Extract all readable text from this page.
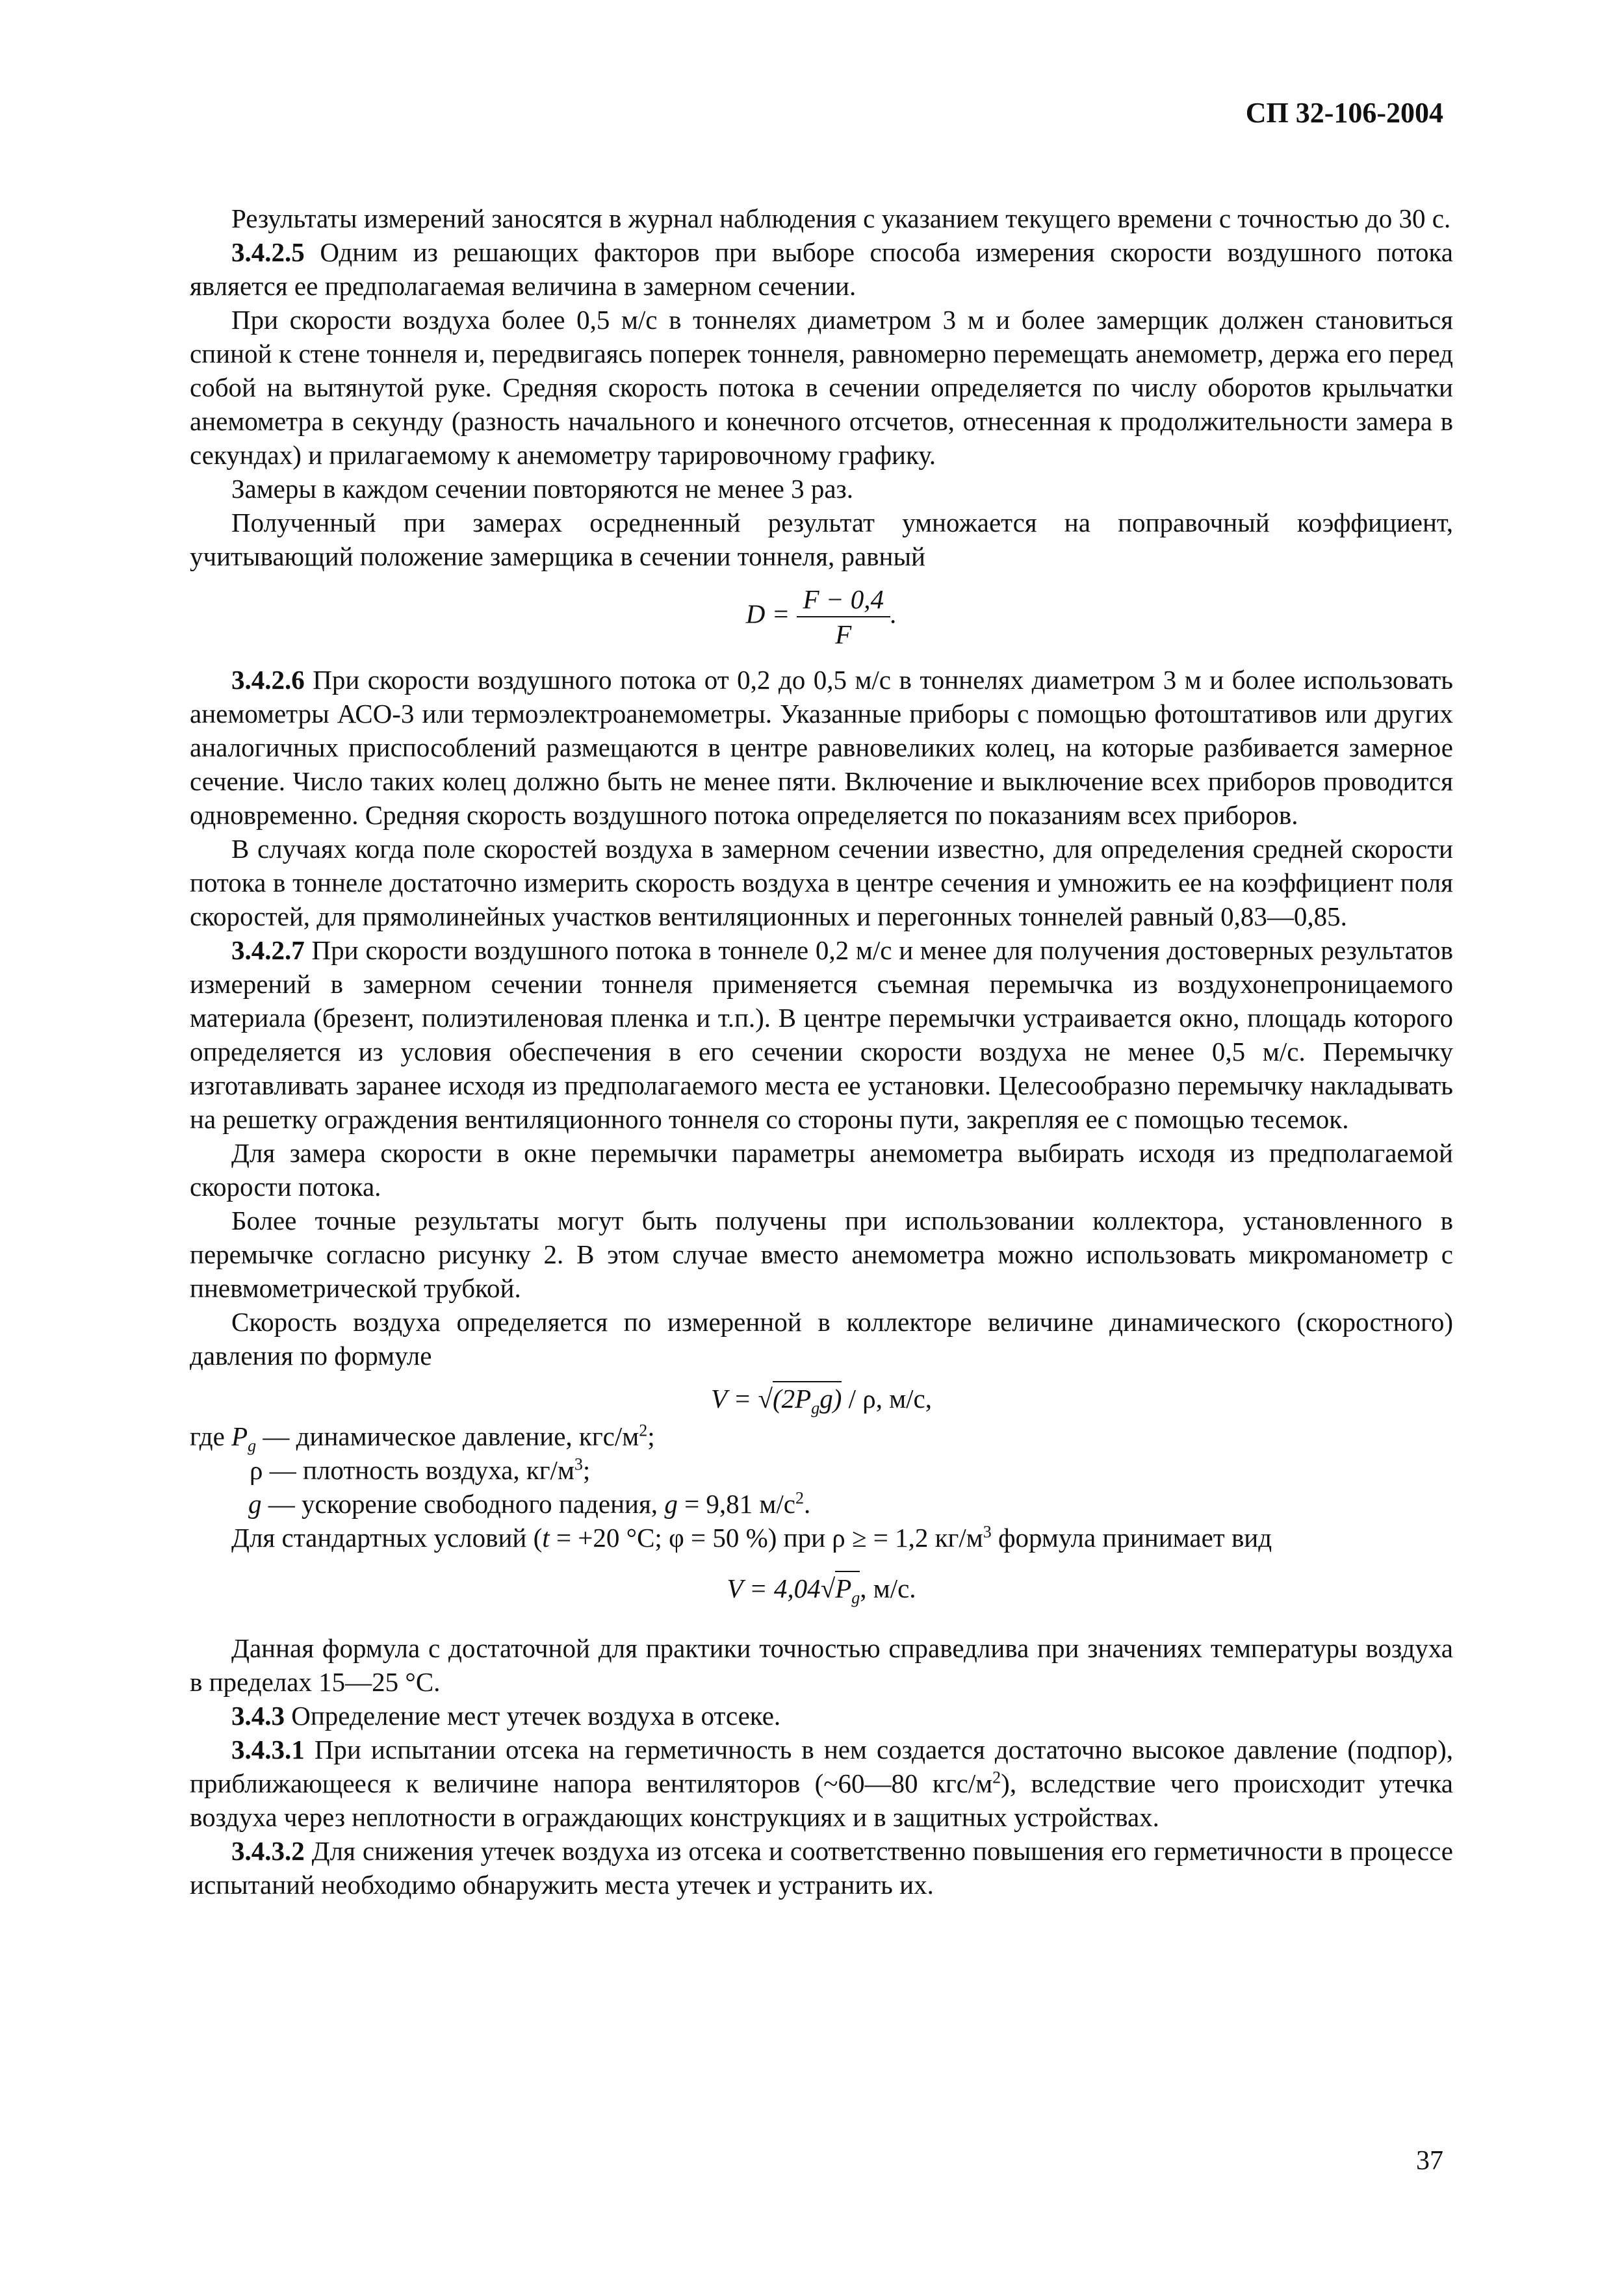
СП 32-106-2004

Результаты измерений заносятся в журнал наблюдения с указанием текущего времени с точностью до 30 с.

3.4.2.5 Одним из решающих факторов при выборе способа измерения скорости воздушного потока является ее предполагаемая величина в замерном сечении.

При скорости воздуха более 0,5 м/с в тоннелях диаметром 3 м и более замерщик должен становиться спиной к стене тоннеля и, передвигаясь поперек тоннеля, равномерно перемещать анемометр, держа его перед собой на вытянутой руке. Средняя скорость потока в сечении определяется по числу оборотов крыльчатки анемометра в секунду (разность начального и конечного отсчетов, отнесенная к продолжительности замера в секундах) и прилагаемому к анемометру тарировочному графику.

Замеры в каждом сечении повторяются не менее 3 раз.

Полученный при замерах осредненный результат умножается на поправочный коэффициент, учитывающий положение замерщика в сечении тоннеля, равный

$D = \frac{F - 0,4}{F}$ .

3.4.2.6 При скорости воздушного потока от 0,2 до 0,5 м/с в тоннелях диаметром 3 м и более использовать анемометры АСО-3 или термоэлектроанемометры. Указанные приборы с помощью фотоштативов или других аналогичных приспособлений размещаются в центре равновеликих колец, на которые разбивается замерное сечение. Число таких колец должно быть не менее пяти. Включение и выключение всех приборов проводится одновременно. Средняя скорость воздушного потока определяется по показаниям всех приборов.

В случаях когда поле скоростей воздуха в замерном сечении известно, для определения средней скорости потока в тоннеле достаточно измерить скорость воздуха в центре сечения и умножить ее на коэффициент поля скоростей, для прямолинейных участков вентиляционных и перегонных тоннелей равный 0,83—0,85.

3.4.2.7 При скорости воздушного потока в тоннеле 0,2 м/с и менее для получения достоверных результатов измерений в замерном сечении тоннеля применяется съемная перемычка из воздухонепроницаемого материала (брезент, полиэтиленовая пленка и т.п.). В центре перемычки устраивается окно, площадь которого определяется из условия обеспечения в его сечении скорости воздуха не менее 0,5 м/с. Перемычку изготавливать заранее исходя из предполагаемого места ее установки. Целесообразно перемычку накладывать на решетку ограждения вентиляционного тоннеля со стороны пути, закрепляя ее с помощью тесемок.

Для замера скорости в окне перемычки параметры анемометра выбирать исходя из предполагаемой скорости потока.

Более точные результаты могут быть получены при использовании коллектора, установленного в перемычке согласно рисунку 2. В этом случае вместо анемометра можно использовать микроманометр с пневмометрической трубкой.

Скорость воздуха определяется по измеренной в коллекторе величине динамического (скоростного) давления по формуле

$V = √(2P_gg) / \rho$, м/с,
где $P_g$ — динамическое давление, кгс/$м^2$;
ρ — плотность воздуха, $кг/м^3$;
g — ускорение свободного падения, g = 9,81 $м/с^2$.

Для стандартных условий (t = +20 °С; φ = 50 %) при ρ ≥ = 1,2 $кг/м^3$ формула принимает вид

$V = 4,04√P_g$, м/с.

Данная формула с достаточной для практики точностью справедлива при значениях температуры воздуха в пределах 15—25 °С.

3.4.3 Определение мест утечек воздуха в отсеке.

3.4.3.1 При испытании отсека на герметичность в нем создается достаточно высокое давление (подпор), приближающееся к величине напора вентиляторов (~60—80 кгс/$м^2$), вследствие чего происходит утечка воздуха через неплотности в ограждающих конструкциях и в защитных устройствах.

3.4.3.2 Для снижения утечек воздуха из отсека и соответственно повышения его герметичности в процессе испытаний необходимо обнаружить места утечек и устранить их.

37
